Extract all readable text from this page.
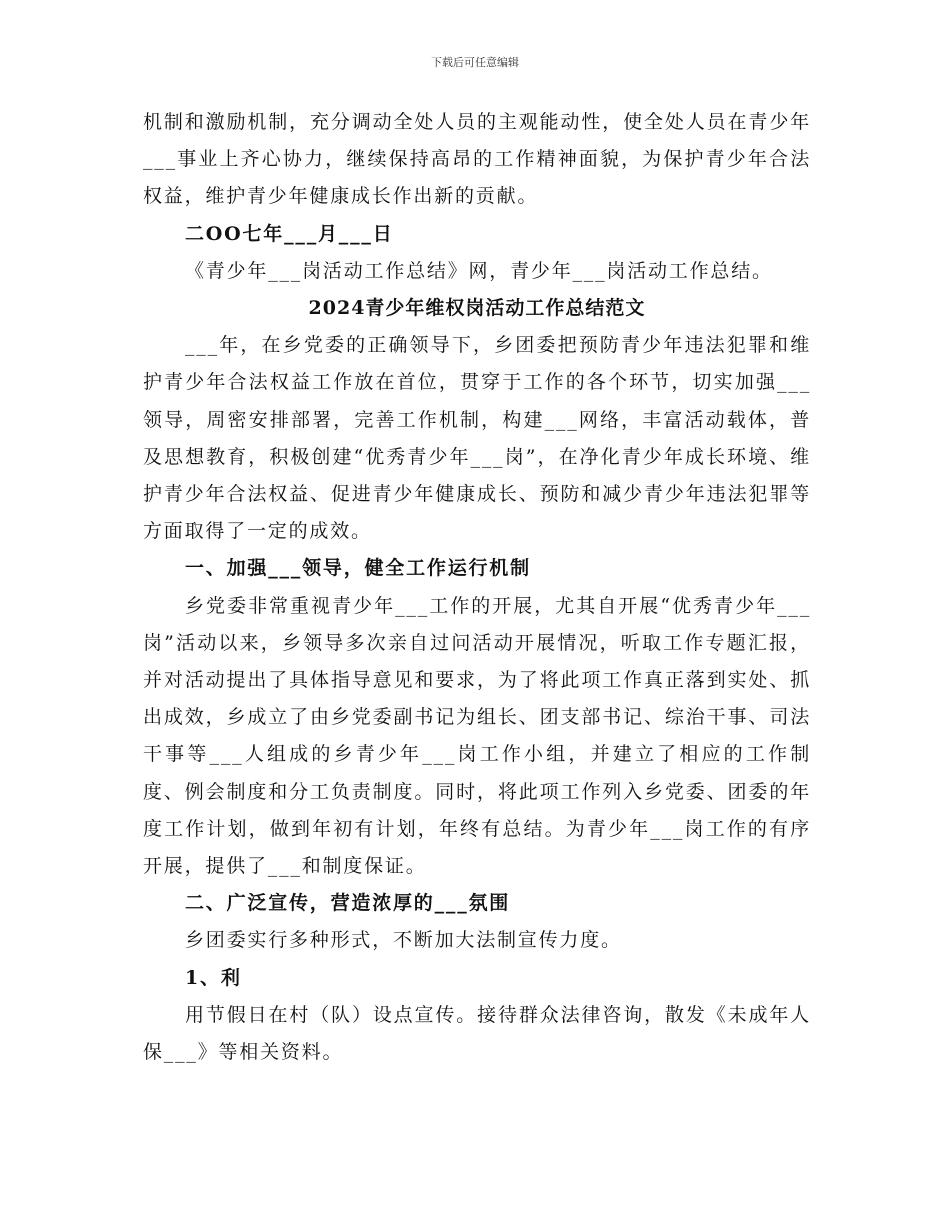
下载后可任意编辑

机制和激励机制，充分调动全处人员的主观能动性，使全处人员在青少年___事业上齐心协力，继续保持高昂的工作精神面貌，为保护青少年合法权益，维护青少年健康成长作出新的贡献。

二OO七年___月___日

《青少年___岗活动工作总结》网，青少年___岗活动工作总结。

2024青少年维权岗活动工作总结范文

___年，在乡党委的正确领导下，乡团委把预防青少年违法犯罪和维护青少年合法权益工作放在首位，贯穿于工作的各个环节，切实加强___领导，周密安排部署，完善工作机制，构建___网络，丰富活动载体，普及思想教育，积极创建“优秀青少年___岗”，在净化青少年成长环境、维护青少年合法权益、促进青少年健康成长、预防和减少青少年违法犯罪等方面取得了一定的成效。

一、加强___领导，健全工作运行机制

乡党委非常重视青少年___工作的开展，尤其自开展“优秀青少年___岗”活动以来，乡领导多次亲自过问活动开展情况，听取工作专题汇报，并对活动提出了具体指导意见和要求，为了将此项工作真正落到实处、抓出成效，乡成立了由乡党委副书记为组长、团支部书记、综治干事、司法干事等___人组成的乡青少年___岗工作小组，并建立了相应的工作制度、例会制度和分工负责制度。同时，将此项工作列入乡党委、团委的年度工作计划，做到年初有计划，年终有总结。为青少年___岗工作的有序开展，提供了___和制度保证。

二、广泛宣传，营造浓厚的___氛围

乡团委实行多种形式，不断加大法制宣传力度。

1、利

用节假日在村（队）设点宣传。接待群众法律咨询，散发《未成年人保___》等相关资料。
